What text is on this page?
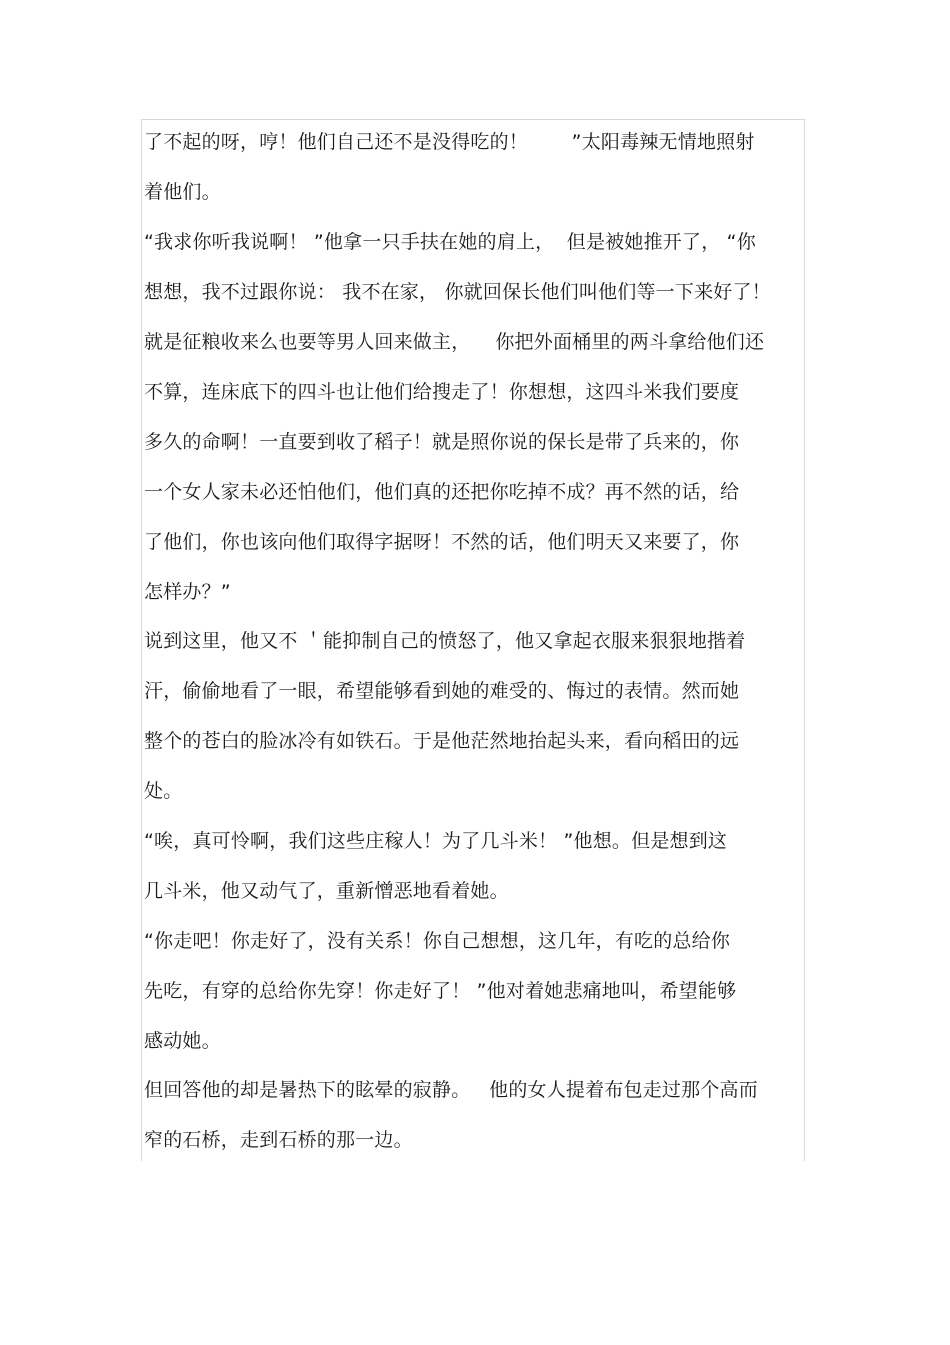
了不起的呀，哼！他们自己还不是没得吃的！       ”太阳毒辣无情地照射
着他们。
“我求你听我说啊！ ”他拿一只手扶在她的肩上，  但是被她推开了， “你
想想，我不过跟你说： 我不在家， 你就回保长他们叫他们等一下来好了！
就是征粮收来么也要等男人回来做主，    你把外面桶里的两斗拿给他们还
不算，连床底下的四斗也让他们给搜走了！你想想，这四斗米我们要度
多久的命啊！一直要到收了稻子！就是照你说的保长是带了兵来的，你
一个女人家未必还怕他们，他们真的还把你吃掉不成？再不然的话，给
了他们，你也该向他们取得字据呀！不然的话，他们明天又来要了，你
怎样办？”
说到这里，他又不 ＇能抑制自己的愤怒了，他又拿起衣服来狠狠地揩着
汗，偷偷地看了一眼，希望能够看到她的难受的、悔过的表情。然而她
整个的苍白的脸冰冷有如铁石。于是他茫然地抬起头来，看向稻田的远
处。
“唉，真可怜啊，我们这些庄稼人！为了几斗米！ ”他想。但是想到这
几斗米，他又动气了，重新憎恶地看着她。
“你走吧！你走好了，没有关系！你自己想想，这几年，有吃的总给你
先吃，有穿的总给你先穿！你走好了！ ”他对着她悲痛地叫，希望能够
感动她。
但回答他的却是暑热下的眩晕的寂静。   他的女人提着布包走过那个高而
窄的石桥，走到石桥的那一边。
